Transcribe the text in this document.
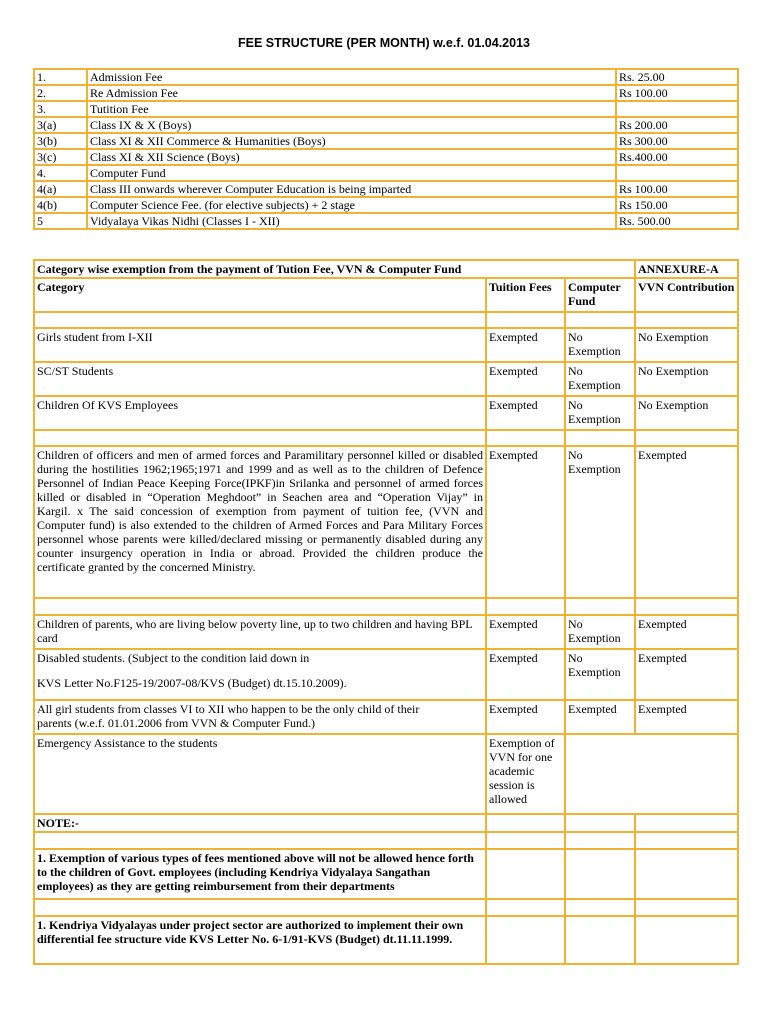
FEE STRUCTURE (PER MONTH) w.e.f. 01.04.2013
1.	Admission Fee	Rs. 25.00
2.	Re Admission Fee	Rs 100.00
3.	Tutition Fee	
3(a)	Class IX & X (Boys)	Rs 200.00
3(b)	Class XI & XII Commerce & Humanities (Boys)	Rs 300.00
3(c)	Class XI & XII Science (Boys)	Rs.400.00
4.	Computer Fund	
4(a)	Class III onwards wherever Computer Education is being imparted	Rs 100.00
4(b)	Computer Science Fee. (for elective subjects) + 2 stage	Rs 150.00
5	Vidyalaya Vikas Nidhi (Classes I - XII)	Rs. 500.00
Category wise exemption from the payment of Tution Fee, VVN & Computer Fund			ANNEXURE-A
Category	Tuition Fees	Computer Fund	VVN Contribution

Girls student from I-XII	Exempted	No Exemption	No Exemption
SC/ST Students	Exempted	No Exemption	No Exemption
Children Of KVS Employees	Exempted	No Exemption	No Exemption

Children of officers and men of armed forces and Paramilitary personnel killed or disabled during the hostilities 1962;1965;1971 and 1999 and as well as to the children of Defence Personnel of Indian Peace Keeping Force(IPKF)in Srilanka and personnel of armed forces killed or disabled in “Operation Meghdoot” in Seachen area and “Operation Vijay” in Kargil. x The said concession of exemption from payment of tuition fee, (VVN and Computer fund) is also extended to the children of Armed Forces and Para Military Forces personnel whose parents were killed/declared missing or permanently disabled during any counter insurgency operation in India or abroad. Provided the children produce the certificate granted by the concerned Ministry.	Exempted	No Exemption	Exempted

Children of parents, who are living below poverty line, up to two children and having BPL card	Exempted	No Exemption	Exempted

Disabled students. (Subject to the condition laid down in
KVS Letter No.F125-19/2007-08/KVS (Budget) dt.15.10.2009).	Exempted	No Exemption	Exempted

All girl students from classes VI to XII who happen to be the only child of their
parents (w.e.f. 01.01.2006 from VVN & Computer Fund.)	Exempted	Exempted	Exempted
Emergency Assistance to the students	Exemption of VVN for one academic session is allowed		
NOTE:-			

1. Exemption of various types of fees mentioned above will not be allowed hence forth to the children of Govt. employees (including Kendriya Vidyalaya Sangathan employees) as they are getting reimbursement from their departments			

1. Kendriya Vidyalayas under project sector are authorized to implement their own differential fee structure vide KVS Letter No. 6-1/91-KVS (Budget) dt.11.11.1999.			
